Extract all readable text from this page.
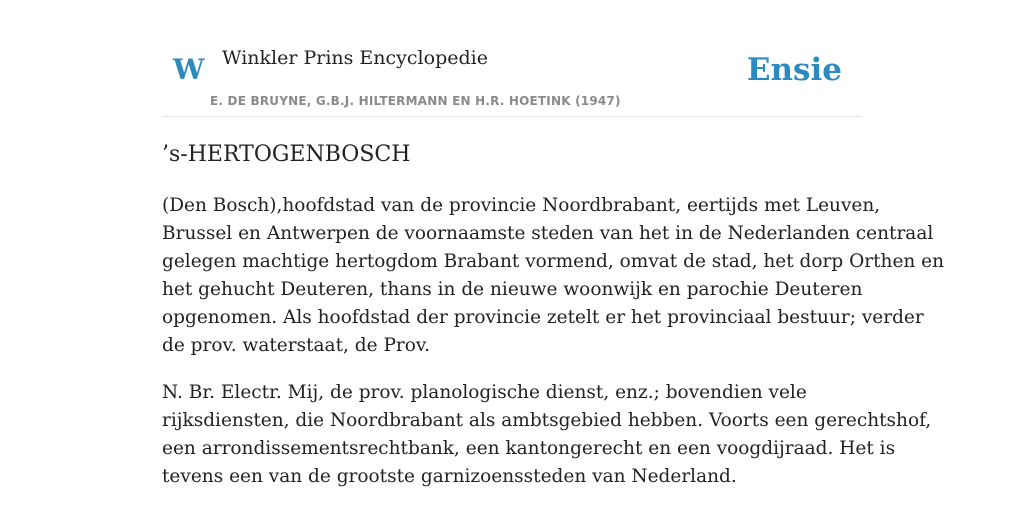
W Winkler Prins Encyclopedie	Ensie
E. DE BRUYNE, G.B.J. HILTERMANN EN H.R. HOETINK (1947)
’s-HERTOGENBOSCH

(Den Bosch),hoofdstad van de provincie Noordbrabant, eertijds met Leuven,
Brussel en Antwerpen de voornaamste steden van het in de Nederlanden centraal
gelegen machtige hertogdom Brabant vormend, omvat de stad, het dorp Orthen en
het gehucht Deuteren, thans in de nieuwe woonwijk en parochie Deuteren
opgenomen. Als hoofdstad der provincie zetelt er het provinciaal bestuur; verder
de prov. waterstaat, de Prov.

N. Br. Electr. Mij, de prov. planologische dienst, enz.; bovendien vele
rijksdiensten, die Noordbrabant als ambtsgebied hebben. Voorts een gerechtshof,
een arrondissementsrechtbank, een kantongerecht en een voogdijraad. Het is
tevens een van de grootste garnizoenssteden van Nederland.
